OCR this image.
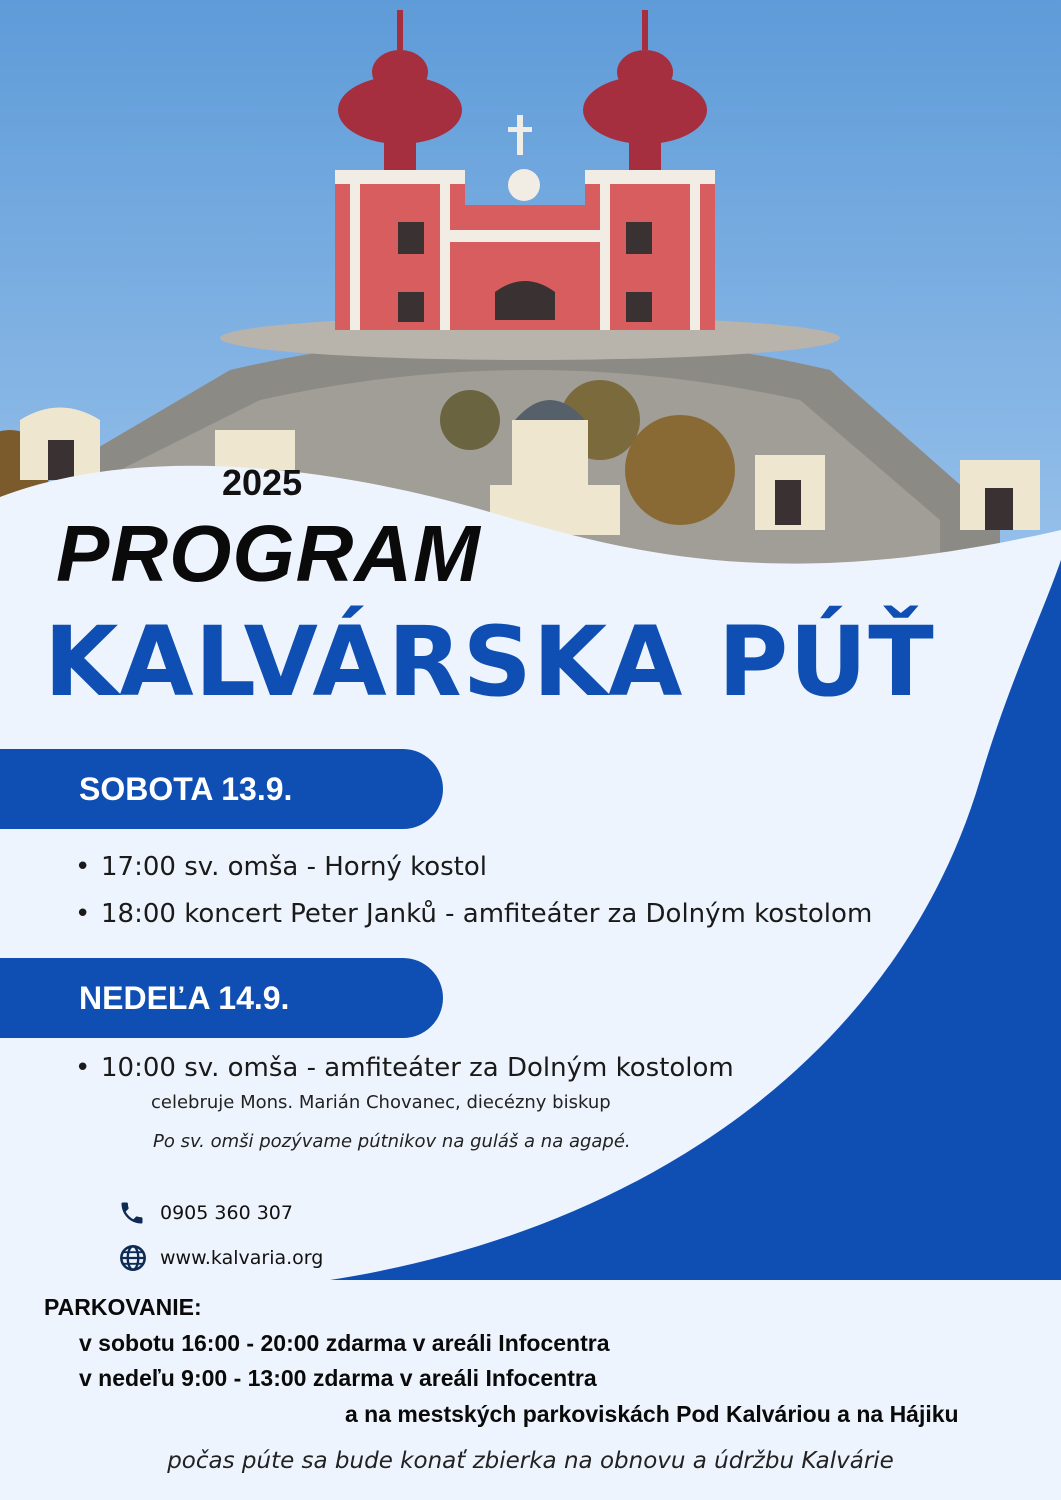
2025
PROGRAM
KALVÁRSKA PÚŤ
SOBOTA 13.9.
• 17:00 sv. omša - Horný kostol
• 18:00 koncert Peter Janků - amfiteáter za Dolným kostolom
NEDEĽA 14.9.
• 10:00 sv. omša - amfiteáter za Dolným kostolom
celebruje Mons. Marián Chovanec, diecézny biskup
Po sv. omši pozývame pútnikov na guláš a na agapé.
0905 360 307
www.kalvaria.org
PARKOVANIE:
v sobotu 16:00 - 20:00 zdarma v areáli Infocentra
v nedeľu 9:00 - 13:00 zdarma v areáli Infocentra
a na mestských parkoviskách Pod Kalváriou a na Hájiku
počas púte sa bude konať zbierka na obnovu a údržbu Kalvárie
